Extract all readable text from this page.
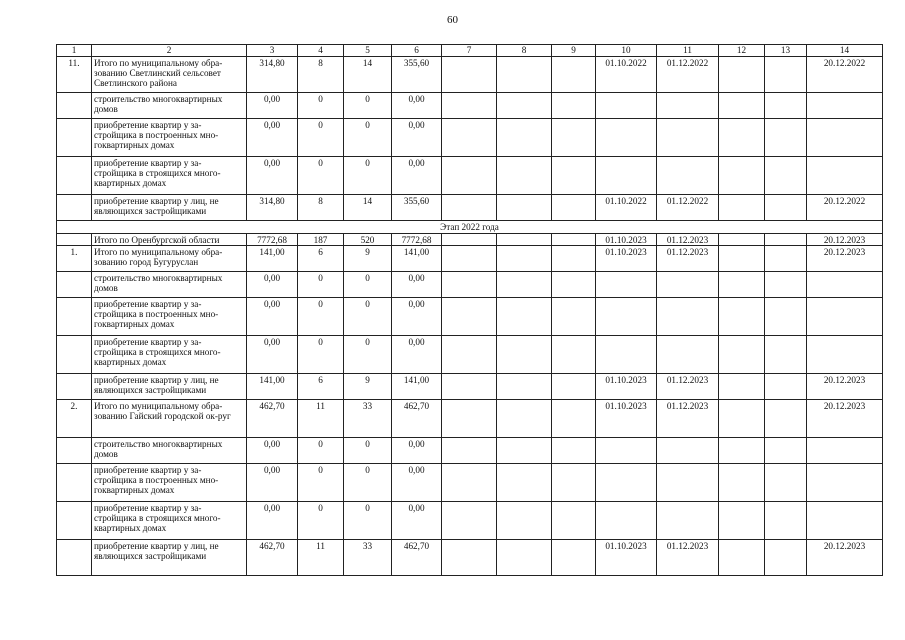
60
1	2	3	4	5	6	7	8	9	10	11	12	13	14
11.	Итого по муниципальному обра-зованию Светлинский сельсовет Светлинского района	314,80	8	14	355,60				01.10.2022	01.12.2022			20.12.2022
	строительство многоквартирных домов	0,00	0	0	0,00								
	приобретение квартир у за-стройщика в построенных мно-гоквартирных домах	0,00	0	0	0,00								
	приобретение квартир у за-стройщика в строящихся много-квартирных домах	0,00	0	0	0,00								
	приобретение квартир у лиц, не являющихся застройщиками	314,80	8	14	355,60				01.10.2022	01.12.2022			20.12.2022
Этап 2022 года													
	Итого по Оренбургской области	7772,68	187	520	7772,68				01.10.2023	01.12.2023			20.12.2023
1.	Итого по муниципальному обра-зованию город Бугуруслан	141,00	6	9	141,00				01.10.2023	01.12.2023			20.12.2023
	строительство многоквартирных домов	0,00	0	0	0,00								
	приобретение квартир у за-стройщика в построенных мно-гоквартирных домах	0,00	0	0	0,00								
	приобретение квартир у за-стройщика в строящихся много-квартирных домах	0,00	0	0	0,00								
	приобретение квартир у лиц, не являющихся застройщиками	141,00	6	9	141,00				01.10.2023	01.12.2023			20.12.2023
2.	Итого по муниципальному обра-зованию Гайский городской ок-руг	462,70	11	33	462,70				01.10.2023	01.12.2023			20.12.2023
	строительство многоквартирных домов	0,00	0	0	0,00								
	приобретение квартир у за-стройщика в построенных мно-гоквартирных домах	0,00	0	0	0,00								
	приобретение квартир у за-стройщика в строящихся много-квартирных домах	0,00	0	0	0,00								
	приобретение квартир у лиц, не являющихся застройщиками	462,70	11	33	462,70				01.10.2023	01.12.2023			20.12.2023
